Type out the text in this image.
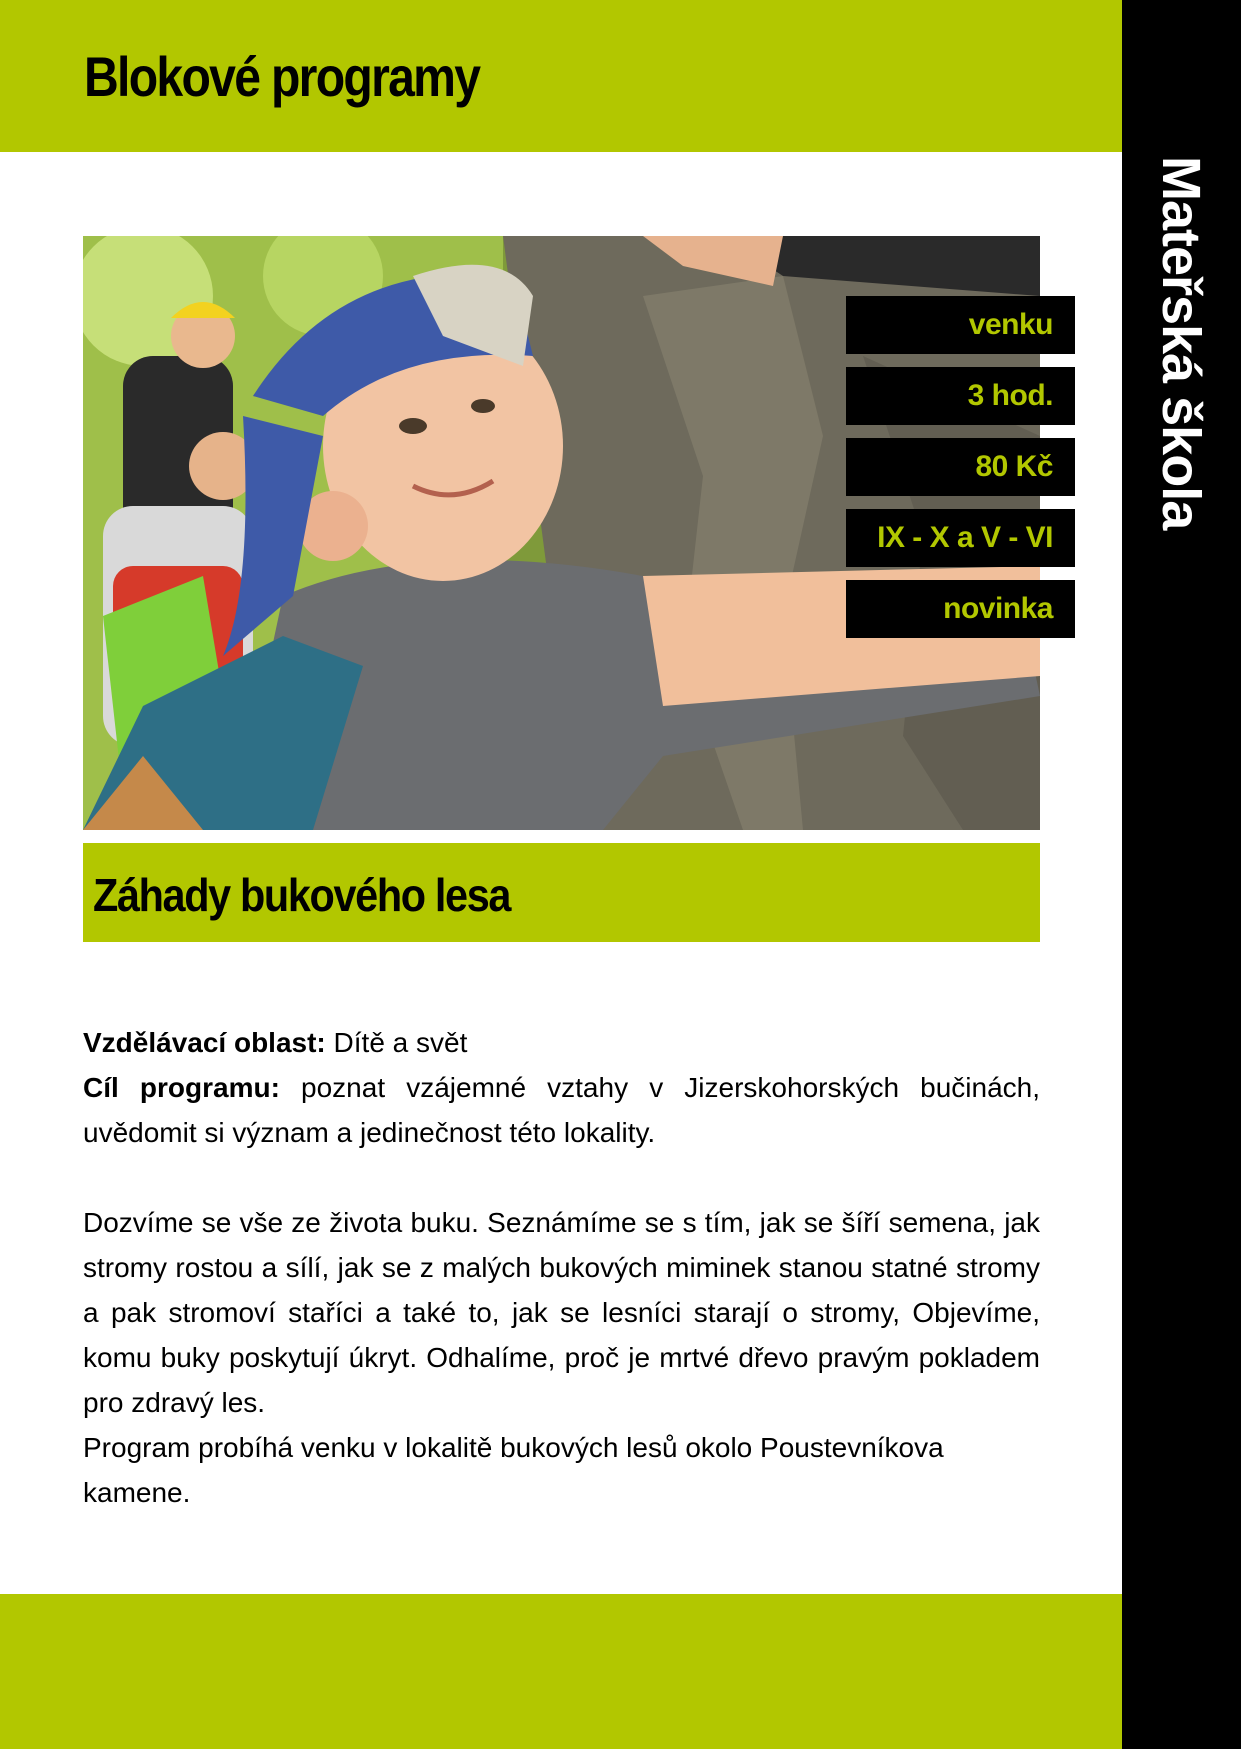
Blokové programy
Mateřská škola
venku
3 hod.
80 Kč
IX - X a V - VI
novinka
Záhady bukového lesa

Vzdělávací oblast: Dítě a svět

Cíl programu: poznat vzájemné vztahy v Jizerskohorských bučinách, uvědomit si význam a jedinečnost této lokality.

Dozvíme se vše ze života buku. Seznámíme se s tím, jak se šíří semena, jak stromy rostou a sílí, jak se z malých bukových miminek stanou statné stromy a pak stromoví staříci a také to, jak se lesníci starají o stromy, Objevíme, komu buky poskytují úkryt. Odhalíme, proč je mrtvé dřevo pravým pokladem pro zdravý les.

Program probíhá venku v lokalitě bukových lesů okolo Poustevníkova kamene.
